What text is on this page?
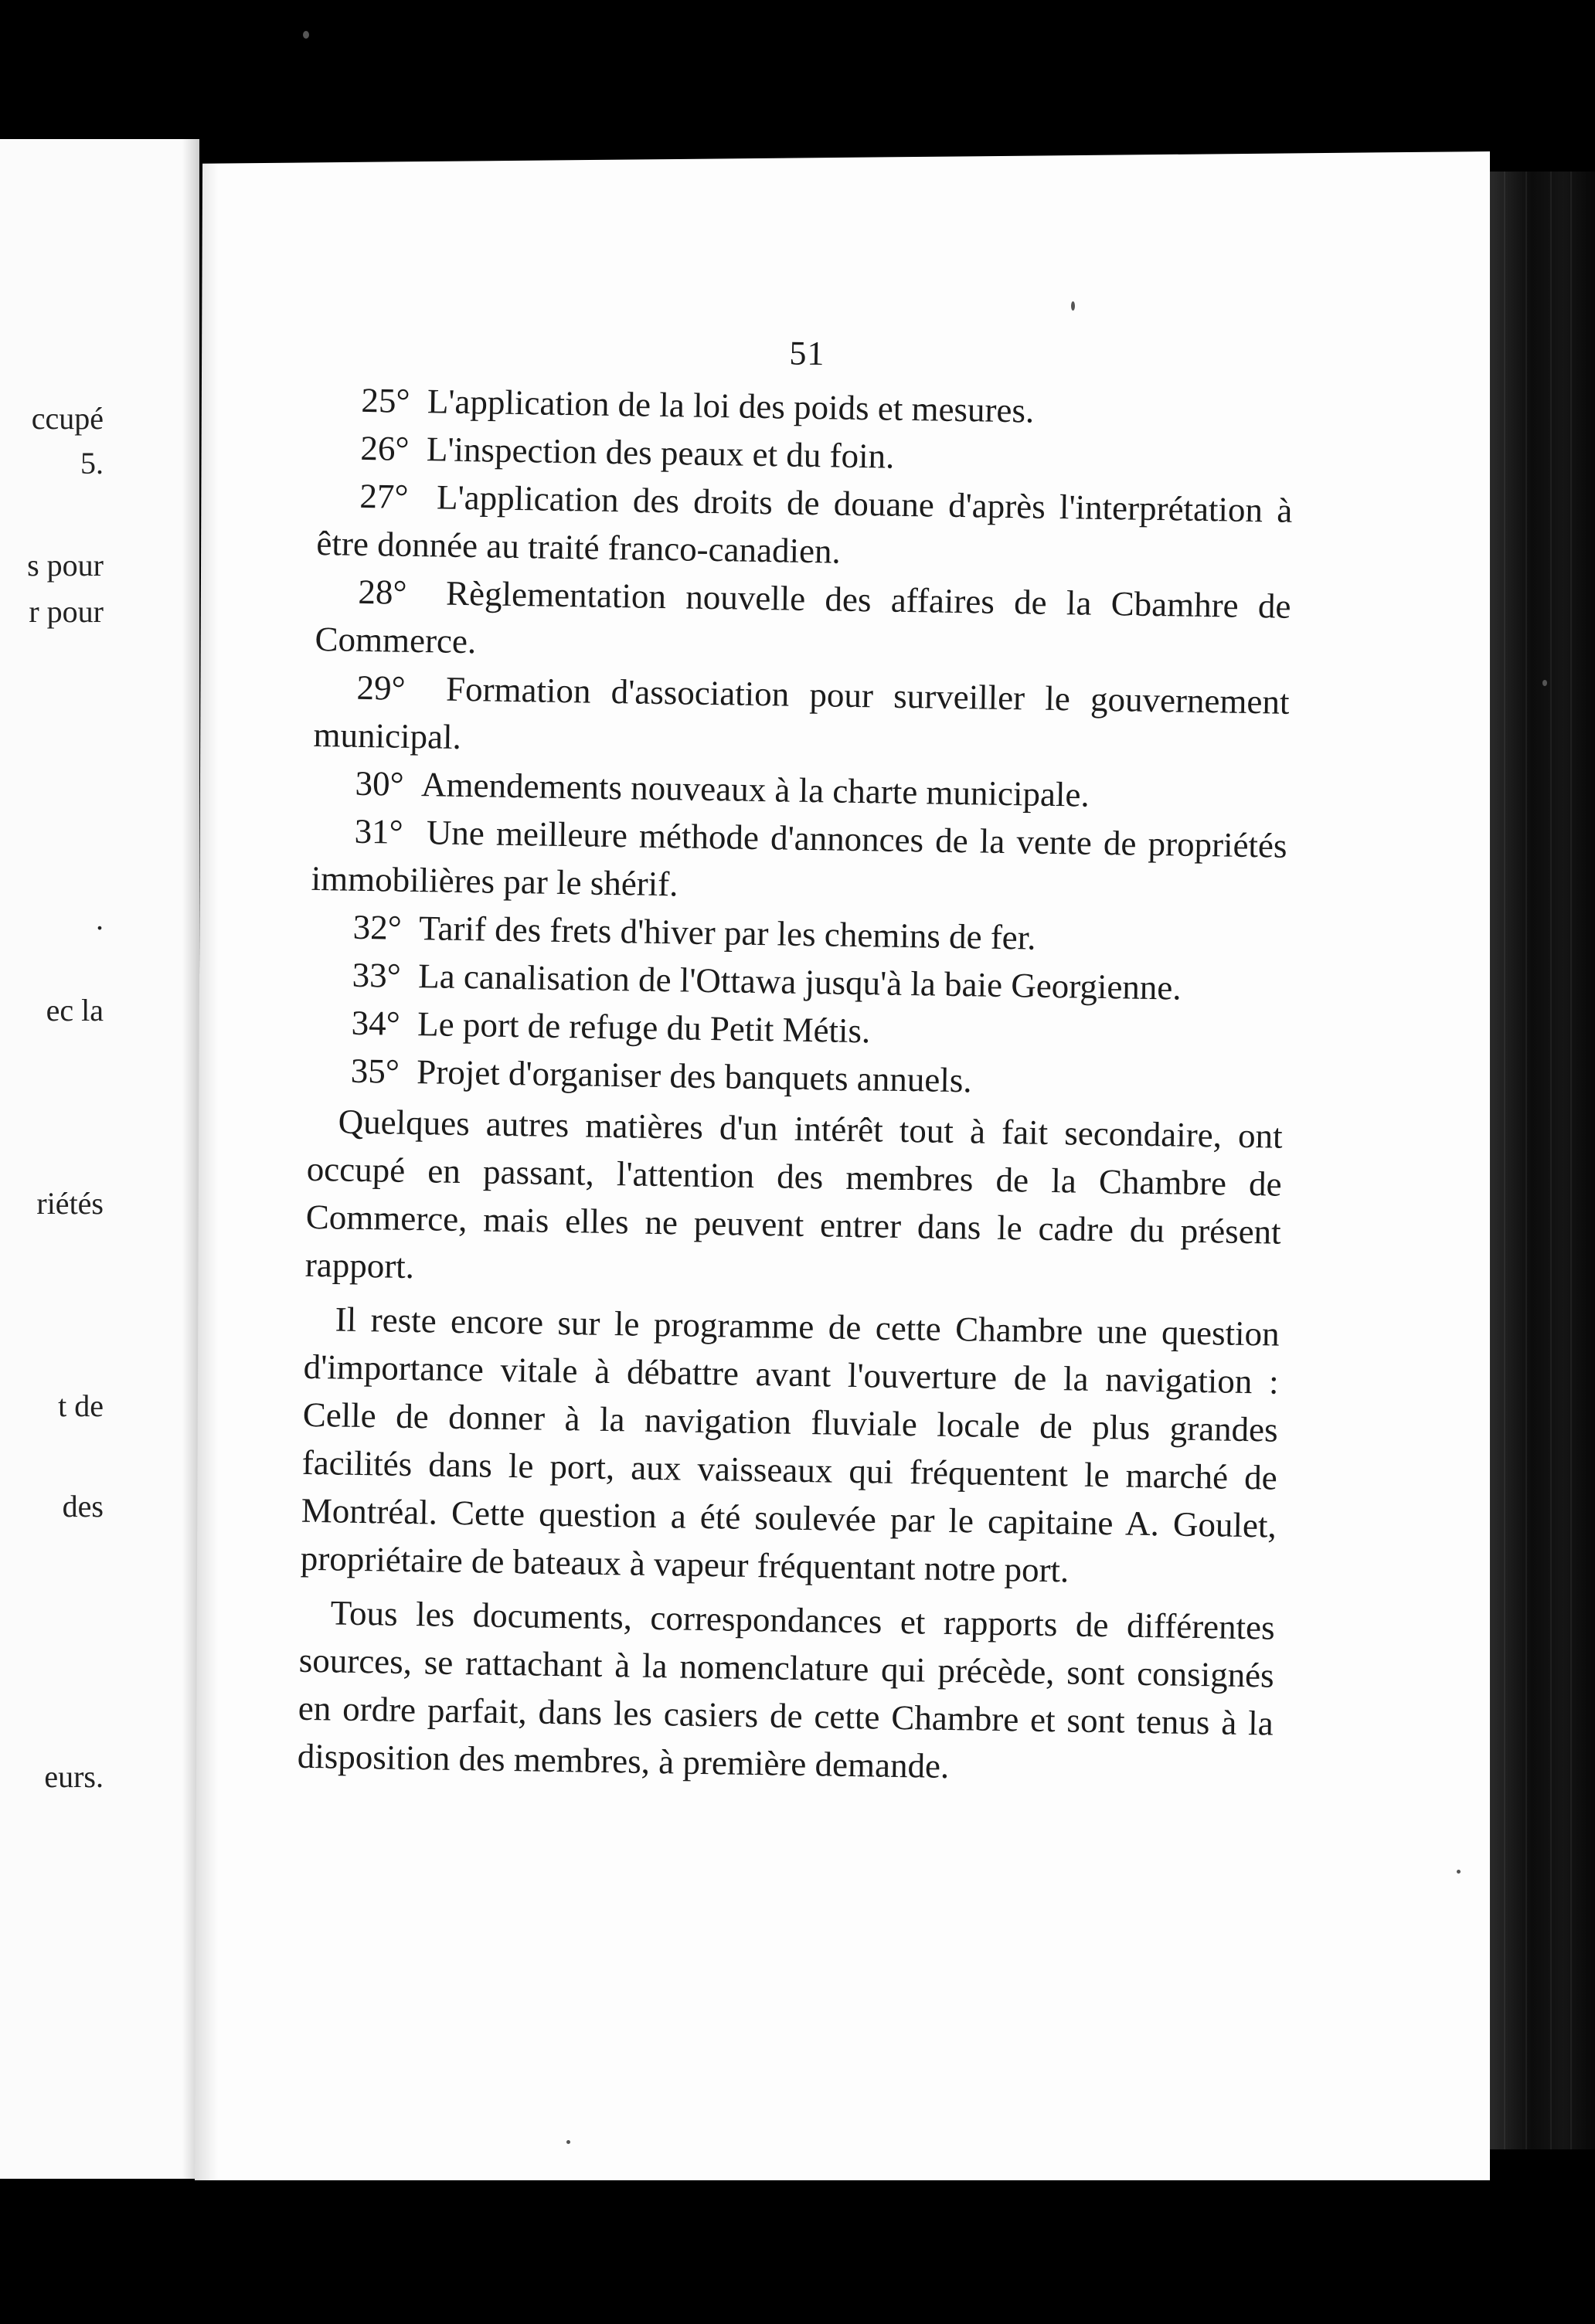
ccupé
5.
s pour
r pour
.
ec la
riétés
t de
des
eurs.
51

25° L'application de la loi des poids et mesures.

26° L'inspection des peaux et du foin.

27° L'application des droits de douane d'après l'interprétation à être donnée au traité franco-canadien.

28° Règlementation nouvelle des affaires de la Cbamhre de Commerce.

29° Formation d'association pour surveiller le gouvernement municipal.

30° Amendements nouveaux à la charte municipale.

31° Une meilleure méthode d'annonces de la vente de propriétés immobilières par le shérif.

32° Tarif des frets d'hiver par les chemins de fer.

33° La canalisation de l'Ottawa jusqu'à la baie Georgienne.

34° Le port de refuge du Petit Métis.

35° Projet d'organiser des banquets annuels.

Quelques autres matières d'un intérêt tout à fait secondaire, ont occupé en passant, l'attention des membres de la Chambre de Commerce, mais elles ne peuvent entrer dans le cadre du présent rapport.

Il reste encore sur le programme de cette Chambre une question d'importance vitale à débattre avant l'ouverture de la navigation : Celle de donner à la navigation fluviale locale de plus grandes facilités dans le port, aux vaisseaux qui fréquentent le marché de Montréal. Cette question a été soulevée par le capitaine A. Goulet, propriétaire de bateaux à vapeur fréquentant notre port.

Tous les documents, correspondances et rapports de différentes sources, se rattachant à la nomenclature qui précède, sont consignés en ordre parfait, dans les casiers de cette Chambre et sont tenus à la disposition des membres, à première demande.
